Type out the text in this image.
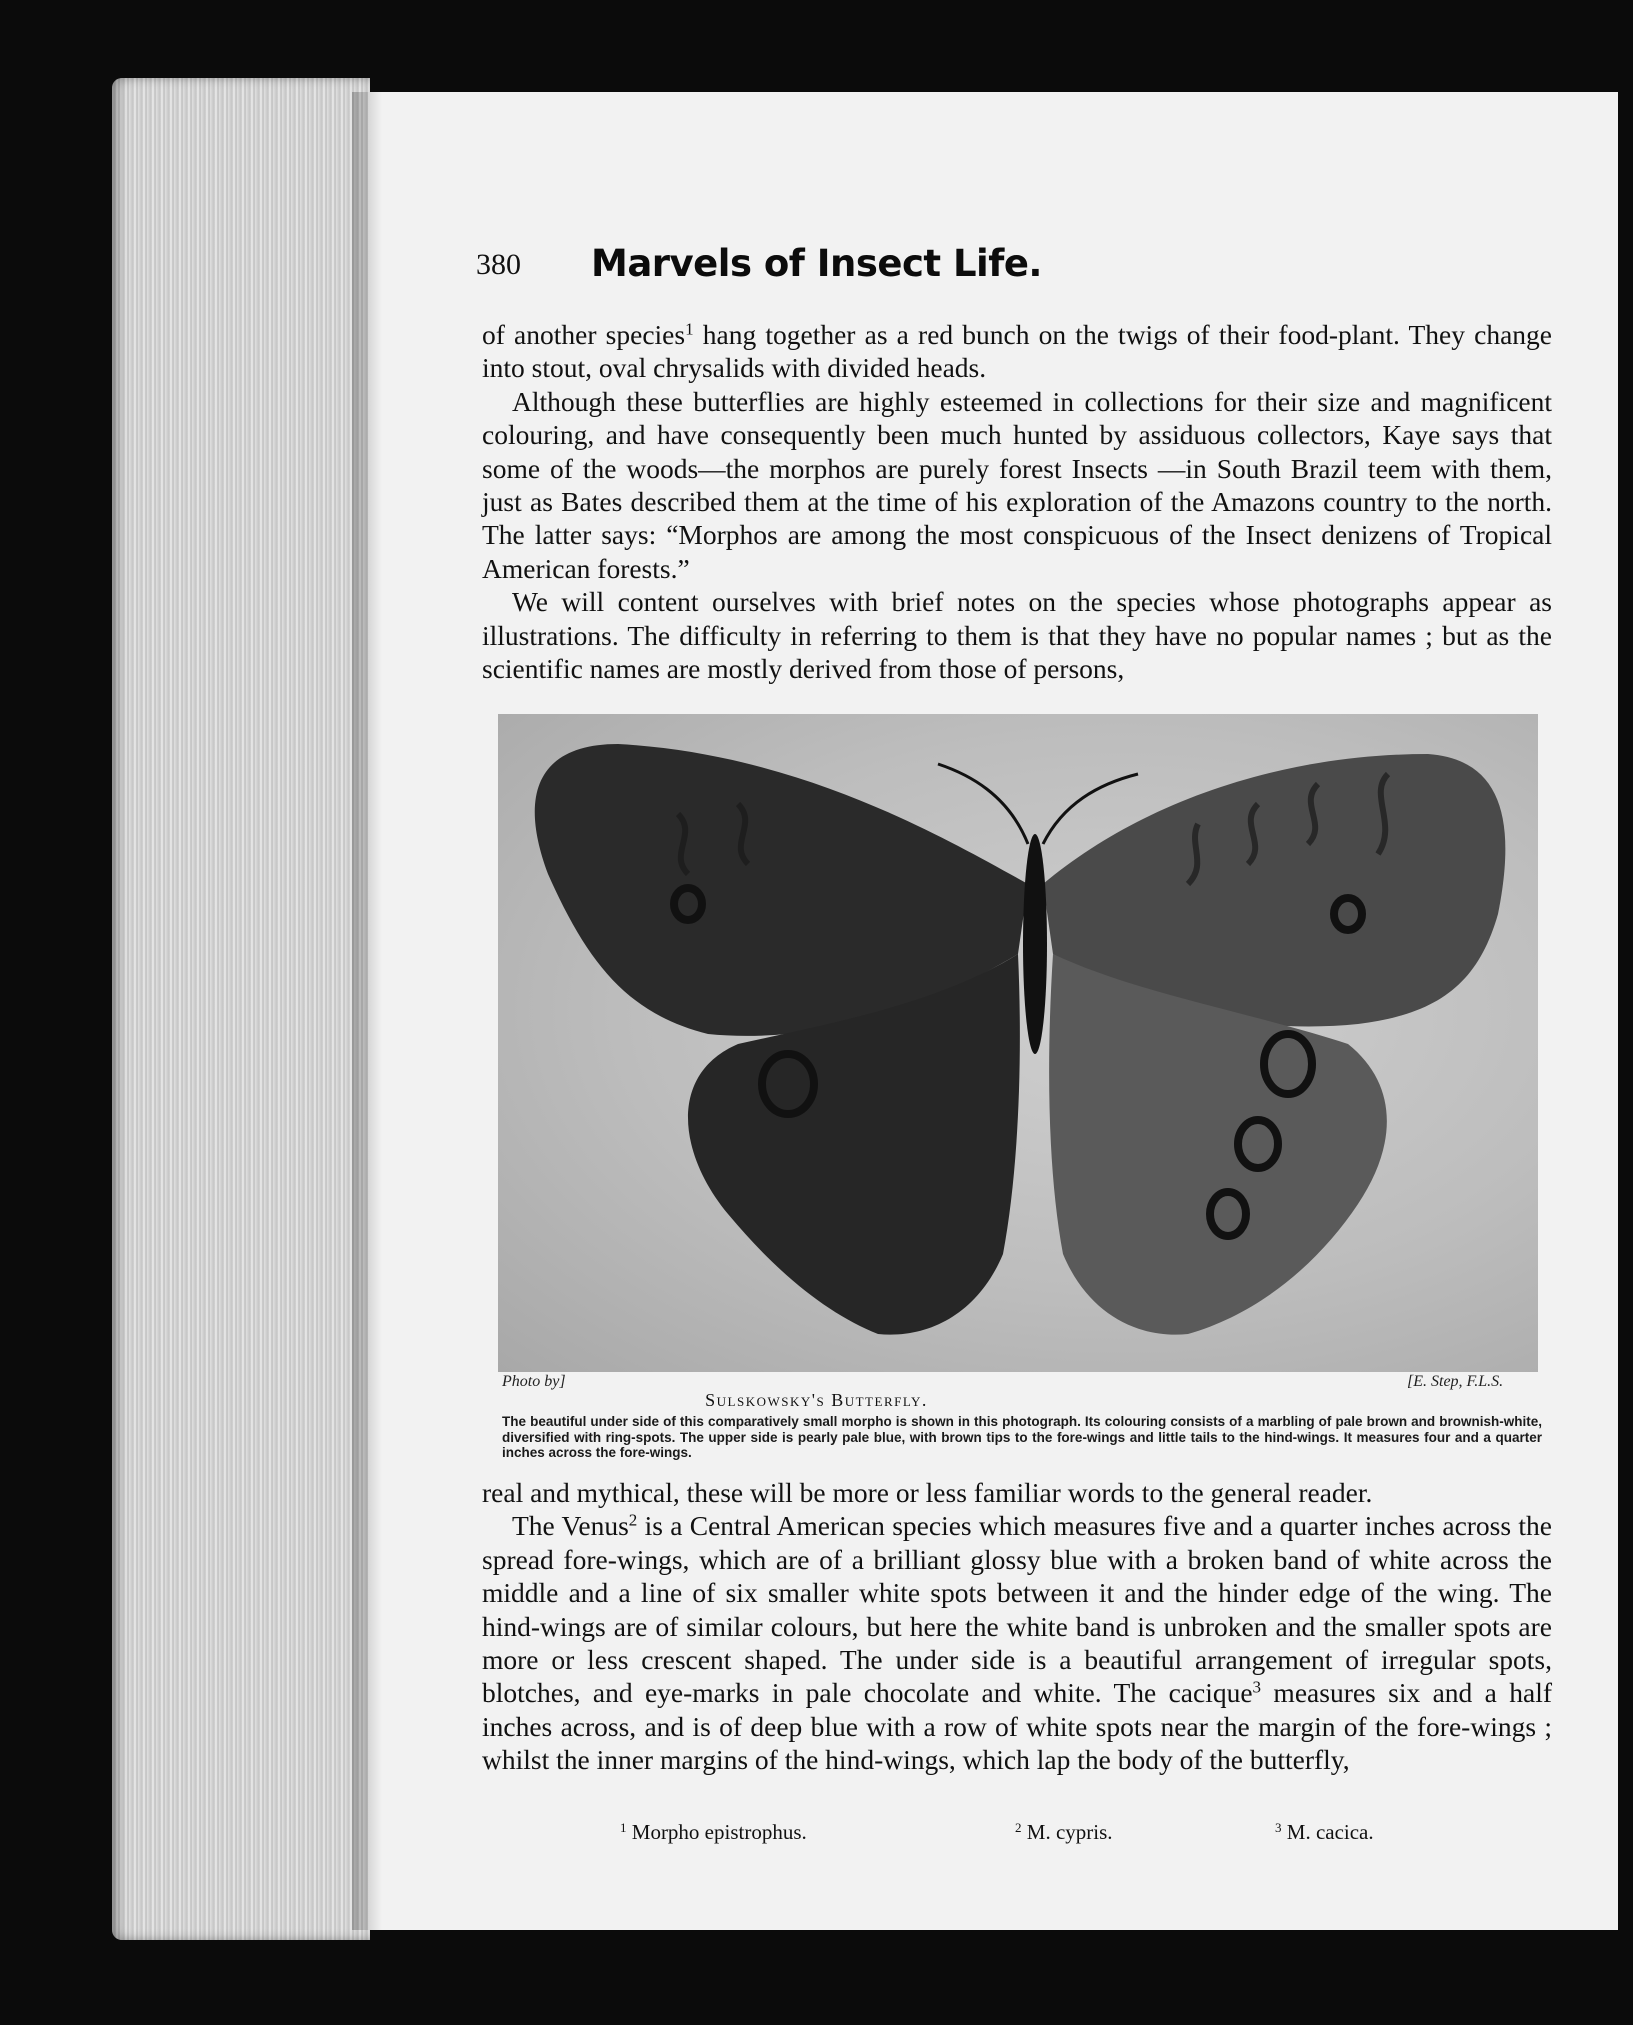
380	Marvels of Insect Life.

of another species$^1$ hang together as a red bunch on the twigs of their food-plant. They change into stout, oval chrysalids with divided heads.

Although these butterflies are highly esteemed in collections for their size and magnificent colouring, and have consequently been much hunted by assiduous collectors, Kaye says that some of the woods—the morphos are purely forest Insects —in South Brazil teem with them, just as Bates described them at the time of his exploration of the Amazons country to the north. The latter says: “Morphos are among the most conspicuous of the Insect denizens of Tropical American forests.”

We will content ourselves with brief notes on the species whose photographs appear as illustrations. The difficulty in referring to them is that they have no popular names ; but as the scientific names are mostly derived from those of persons,

Photo by]	[E. Step, F.L.S.
Sulskowsky's Butterfly.
The beautiful under side of this comparatively small morpho is shown in this photograph. Its colouring consists of a marbling of pale brown and brownish-white, diversified with ring-spots. The upper side is pearly pale blue, with brown tips to the fore-wings and little tails to the hind-wings. It measures four and a quarter inches across the fore-wings.

real and mythical, these will be more or less familiar words to the general reader.

The Venus$^2$ is a Central American species which measures five and a quarter inches across the spread fore-wings, which are of a brilliant glossy blue with a broken band of white across the middle and a line of six smaller white spots between it and the hinder edge of the wing. The hind-wings are of similar colours, but here the white band is unbroken and the smaller spots are more or less crescent shaped. The under side is a beautiful arrangement of irregular spots, blotches, and eye-marks in pale chocolate and white. The cacique$^3$ measures six and a half inches across, and is of deep blue with a row of white spots near the margin of the fore-wings ; whilst the inner margins of the hind-wings, which lap the body of the butterfly,

$^1$ Morpho epistrophus.	$^2$ M. cypris.	$^3$ M. cacica.
